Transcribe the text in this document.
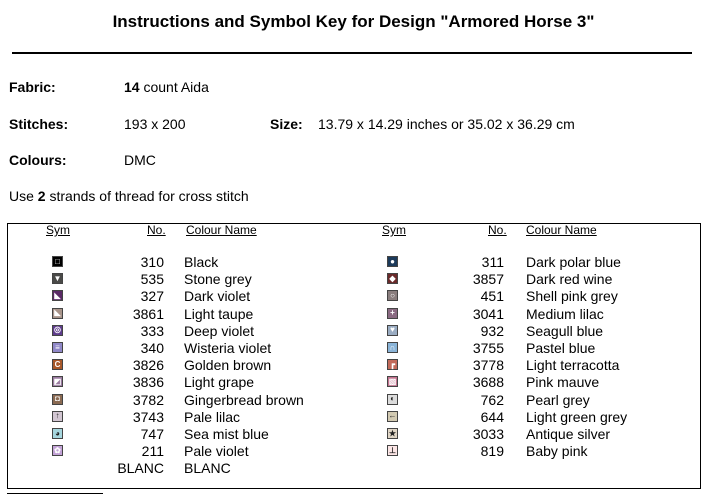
Instructions and Symbol Key for Design "Armored Horse 3"
Fabric:	14 count Aida
Stitches:	193 x 200	Size: 13.79 x 14.29 inches or 35.02 x 36.29 cm
Colours:	DMC
Use 2 strands of thread for cross stitch
Sym	No. Colour Name	Sym	No. Colour Name
□	310 Black
▼	535 Stone grey
◣	327 Dark violet
◣	3861 Light taupe
◎	333 Deep violet
≡	340 Wisteria violet
C	3826 Golden brown
◩	3836 Light grape
◘	3782 Gingerbread brown
↑	3743 Pale lilac
◕	747 Sea mist blue
✿	211 Pale violet
BLANC BLANC
●	311 Dark polar blue
◆	3857 Dark red wine
○	451 Shell pink grey
+	3041 Medium lilac
♥	932 Seagull blue
∩	3755 Pastel blue
┏	3778 Light terracotta
▧	3688 Pink mauve
◐	762 Pearl grey
←	644 Light green grey
★	3033 Antique silver
⊥	819 Baby pink
